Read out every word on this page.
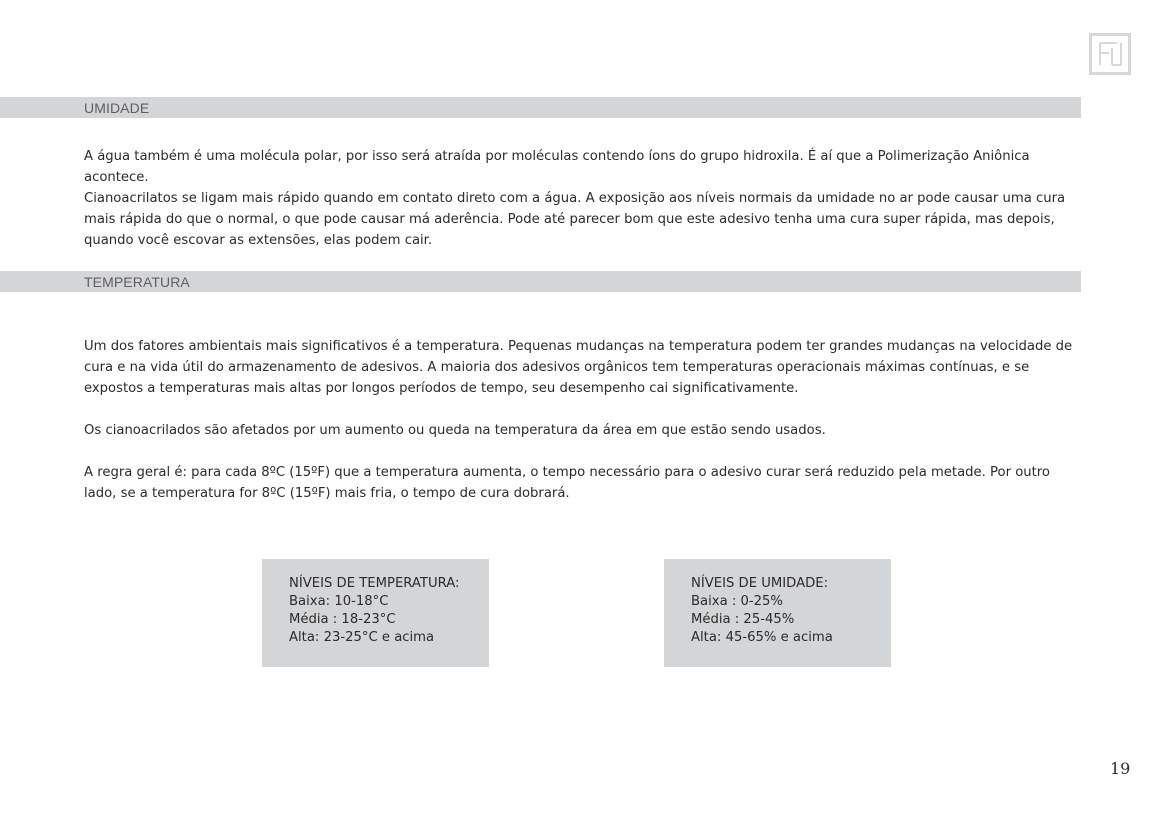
UMIDADE

A água também é uma molécula polar, por isso será atraída por moléculas contendo íons do grupo hidroxila. É aí que a Polimerização Aniônica acontece.

Cianoacrilatos se ligam mais rápido quando em contato direto com a água. A exposição aos níveis normais da umidade no ar pode causar uma cura mais rápida do que o normal, o que pode causar má aderência. Pode até parecer bom que este adesivo tenha uma cura super rápida, mas depois, quando você escovar as extensões, elas podem cair.

TEMPERATURA

Um dos fatores ambientais mais significativos é a temperatura. Pequenas mudanças na temperatura podem ter grandes mudanças na velocidade de cura e na vida útil do armazenamento de adesivos. A maioria dos adesivos orgânicos tem temperaturas operacionais máximas contínuas, e se expostos a temperaturas mais altas por longos períodos de tempo, seu desempenho cai significativamente.

Os cianoacrilados são afetados por um aumento ou queda na temperatura da área em que estão sendo usados.

A regra geral é: para cada 8ºC (15ºF) que a temperatura aumenta, o tempo necessário para o adesivo curar será reduzido pela metade. Por outro lado, se a temperatura for 8ºC (15ºF) mais fria, o tempo de cura dobrará.

NÍVEIS DE TEMPERATURA:
Baixa: 10-18°C
Média : 18-23°C
Alta: 23-25°C e acima
NÍVEIS DE UMIDADE:
Baixa : 0-25%
Média : 25-45%
Alta: 45-65% e acima
19
